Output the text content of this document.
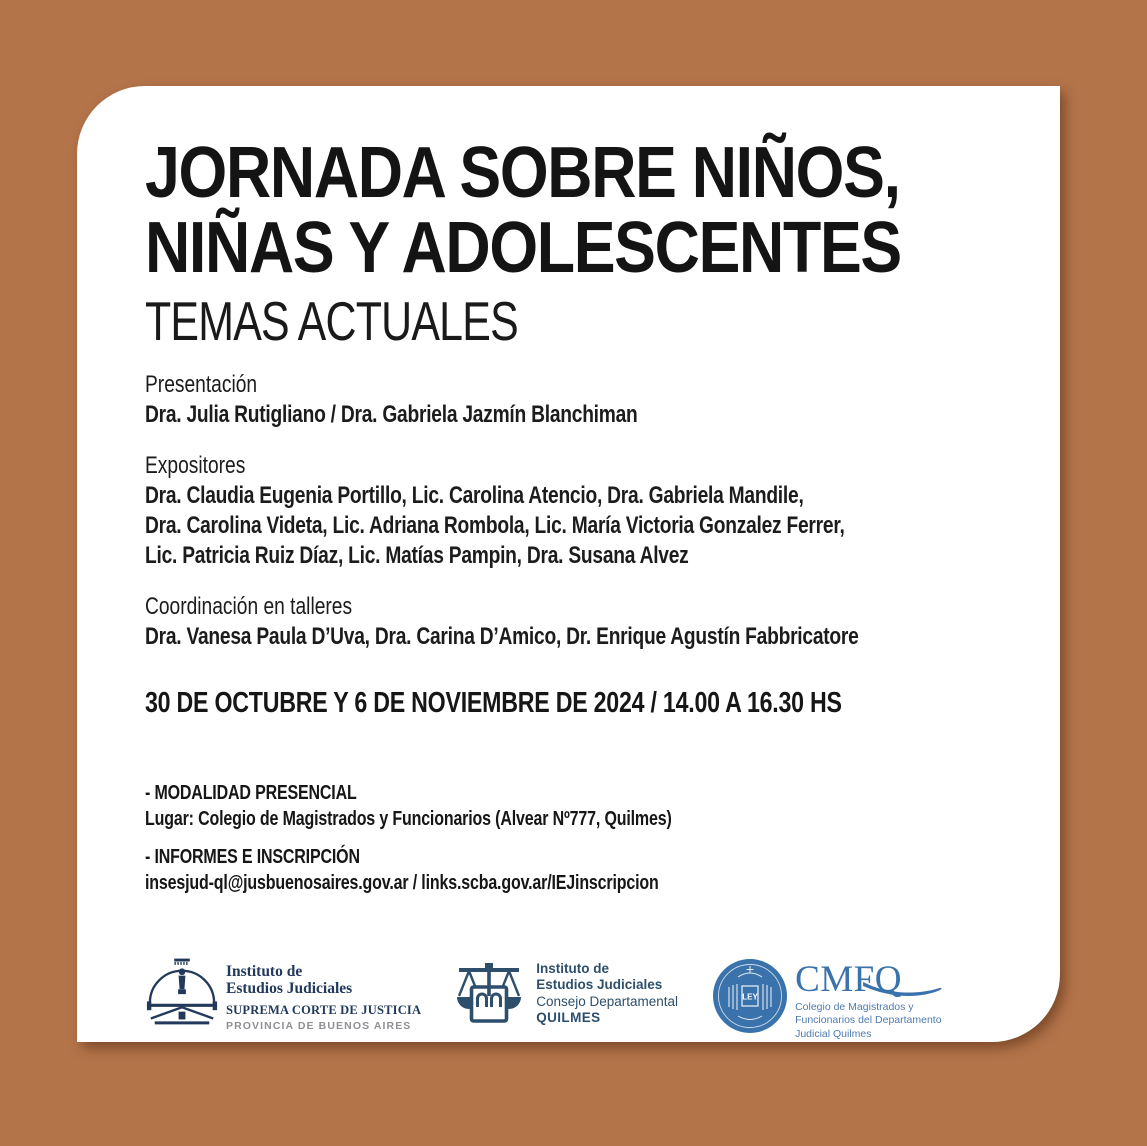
JORNADA SOBRE NIÑOS,
NIÑAS Y ADOLESCENTES
TEMAS ACTUALES
Presentación
Dra. Julia Rutigliano / Dra. Gabriela Jazmín Blanchiman
Expositores
Dra. Claudia Eugenia Portillo, Lic. Carolina Atencio, Dra. Gabriela Mandile,
Dra. Carolina Videta, Lic. Adriana Rombola, Lic. María Victoria Gonzalez Ferrer,
Lic. Patricia Ruiz Díaz, Lic. Matías Pampin, Dra. Susana Alvez
Coordinación en talleres
Dra. Vanesa Paula D’Uva, Dra. Carina D’Amico, Dr. Enrique Agustín Fabbricatore
30 DE OCTUBRE Y 6 DE NOVIEMBRE DE 2024 / 14.00 A 16.30 HS
- MODALIDAD PRESENCIAL
Lugar: Colegio de Magistrados y Funcionarios (Alvear Nº777, Quilmes)
- INFORMES E INSCRIPCIÓN
insesjud-ql@jusbuenosaires.gov.ar / links.scba.gov.ar/IEJinscripcion
Instituto de
Estudios Judiciales
SUPREMA CORTE DE JUSTICIA
PROVINCIA DE BUENOS AIRES
Instituto de
Estudios Judiciales
Consejo Departamental
QUILMES
LEY CMFQ
Colegio de Magistrados y
Funcionarios del Departamento
Judicial Quilmes
